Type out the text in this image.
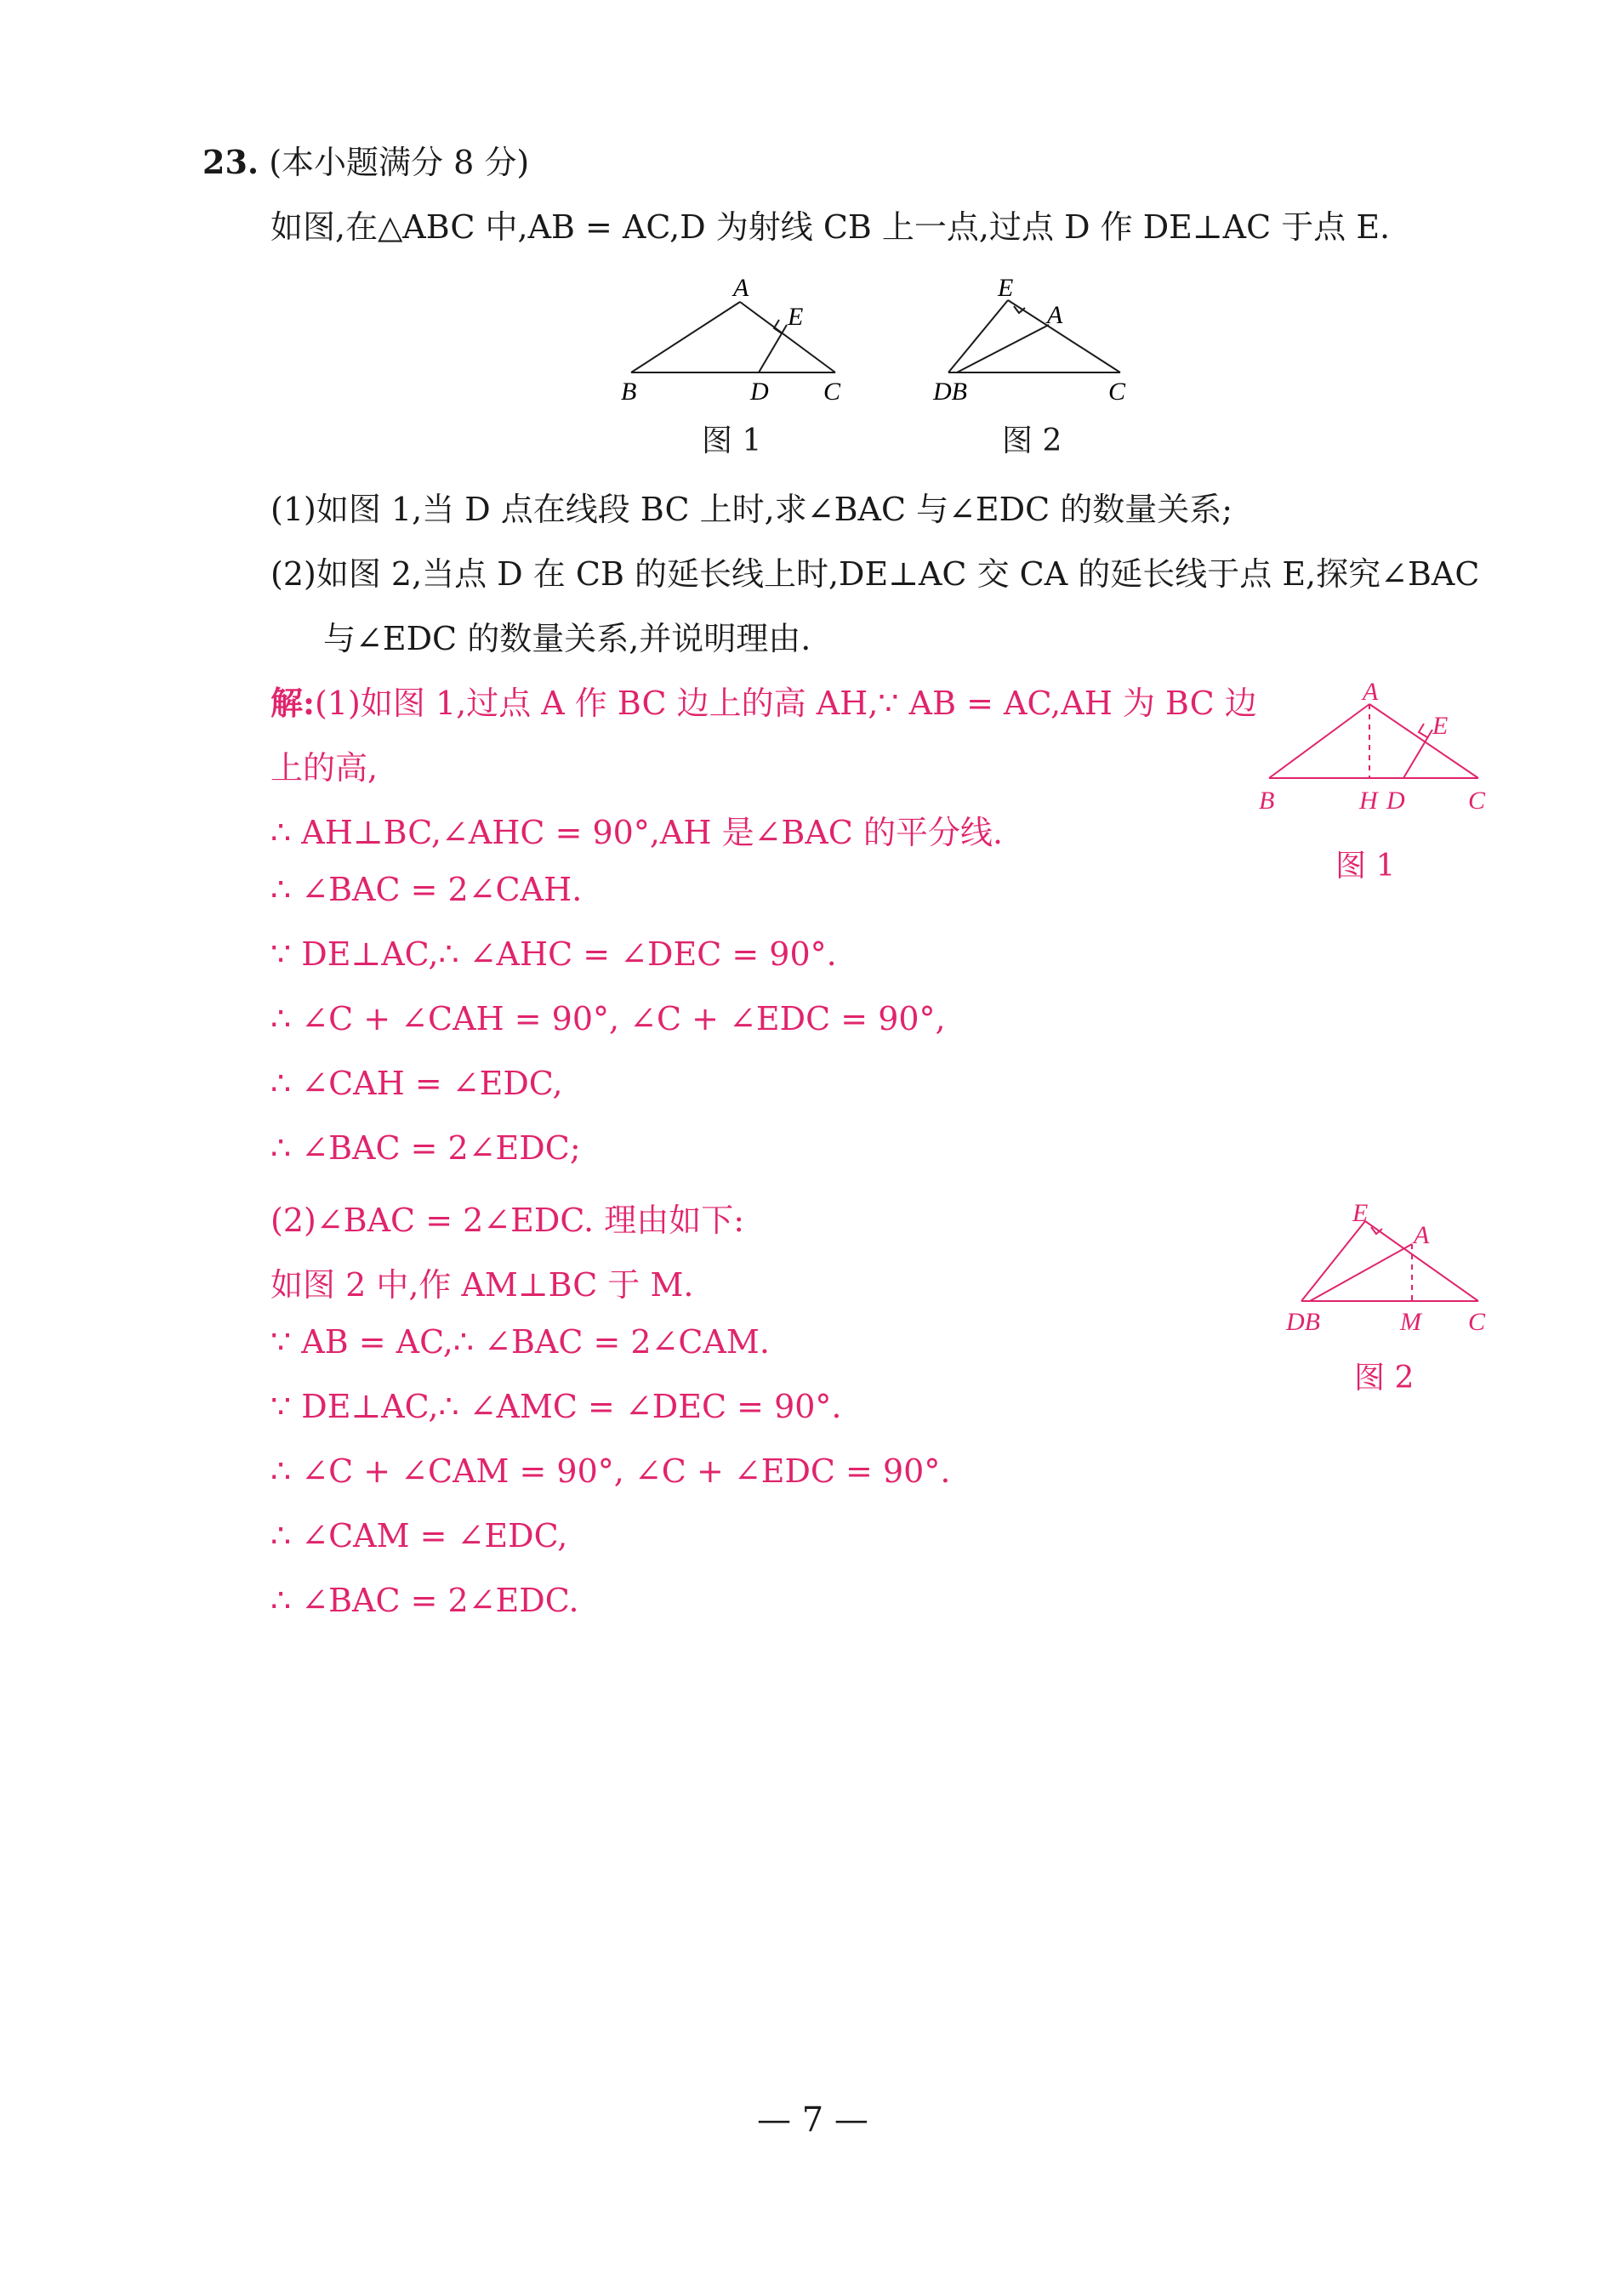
23. (本小题满分 8 分)
如图,在△ABC 中,AB = AC,D 为射线 CB 上一点,过点 D 作 DE⊥AC 于点 E.
A
E
B	D C
图 1
E
A
DB	C
图 2
(1)如图 1,当 D 点在线段 BC 上时,求∠BAC 与∠EDC 的数量关系;
(2)如图 2,当点 D 在 CB 的延长线上时,DE⊥AC 交 CA 的延长线于点 E,探究∠BAC
与∠EDC 的数量关系,并说明理由.
解:(1)如图 1,过点 A 作 BC 边上的高 AH,∵ AB = AC,AH 为 BC 边
上的高,
∴ AH⊥BC,∠AHC = 90°,AH 是∠BAC 的平分线.
∴ ∠BAC = 2∠CAH.
∵ DE⊥AC,∴ ∠AHC = ∠DEC = 90°.
∴ ∠C + ∠CAH = 90°, ∠C + ∠EDC = 90°,
∴ ∠CAH = ∠EDC,
∴ ∠BAC = 2∠EDC;
(2)∠BAC = 2∠EDC. 理由如下:
如图 2 中,作 AM⊥BC 于 M.
∵ AB = AC,∴ ∠BAC = 2∠CAM.
∵ DE⊥AC,∴ ∠AMC = ∠DEC = 90°.
∴ ∠C + ∠CAM = 90°, ∠C + ∠EDC = 90°.
∴ ∠CAM = ∠EDC,
∴ ∠BAC = 2∠EDC.
A
E
B	H D C
图 1
E
A
DB	M C
图 2
— 7 —
